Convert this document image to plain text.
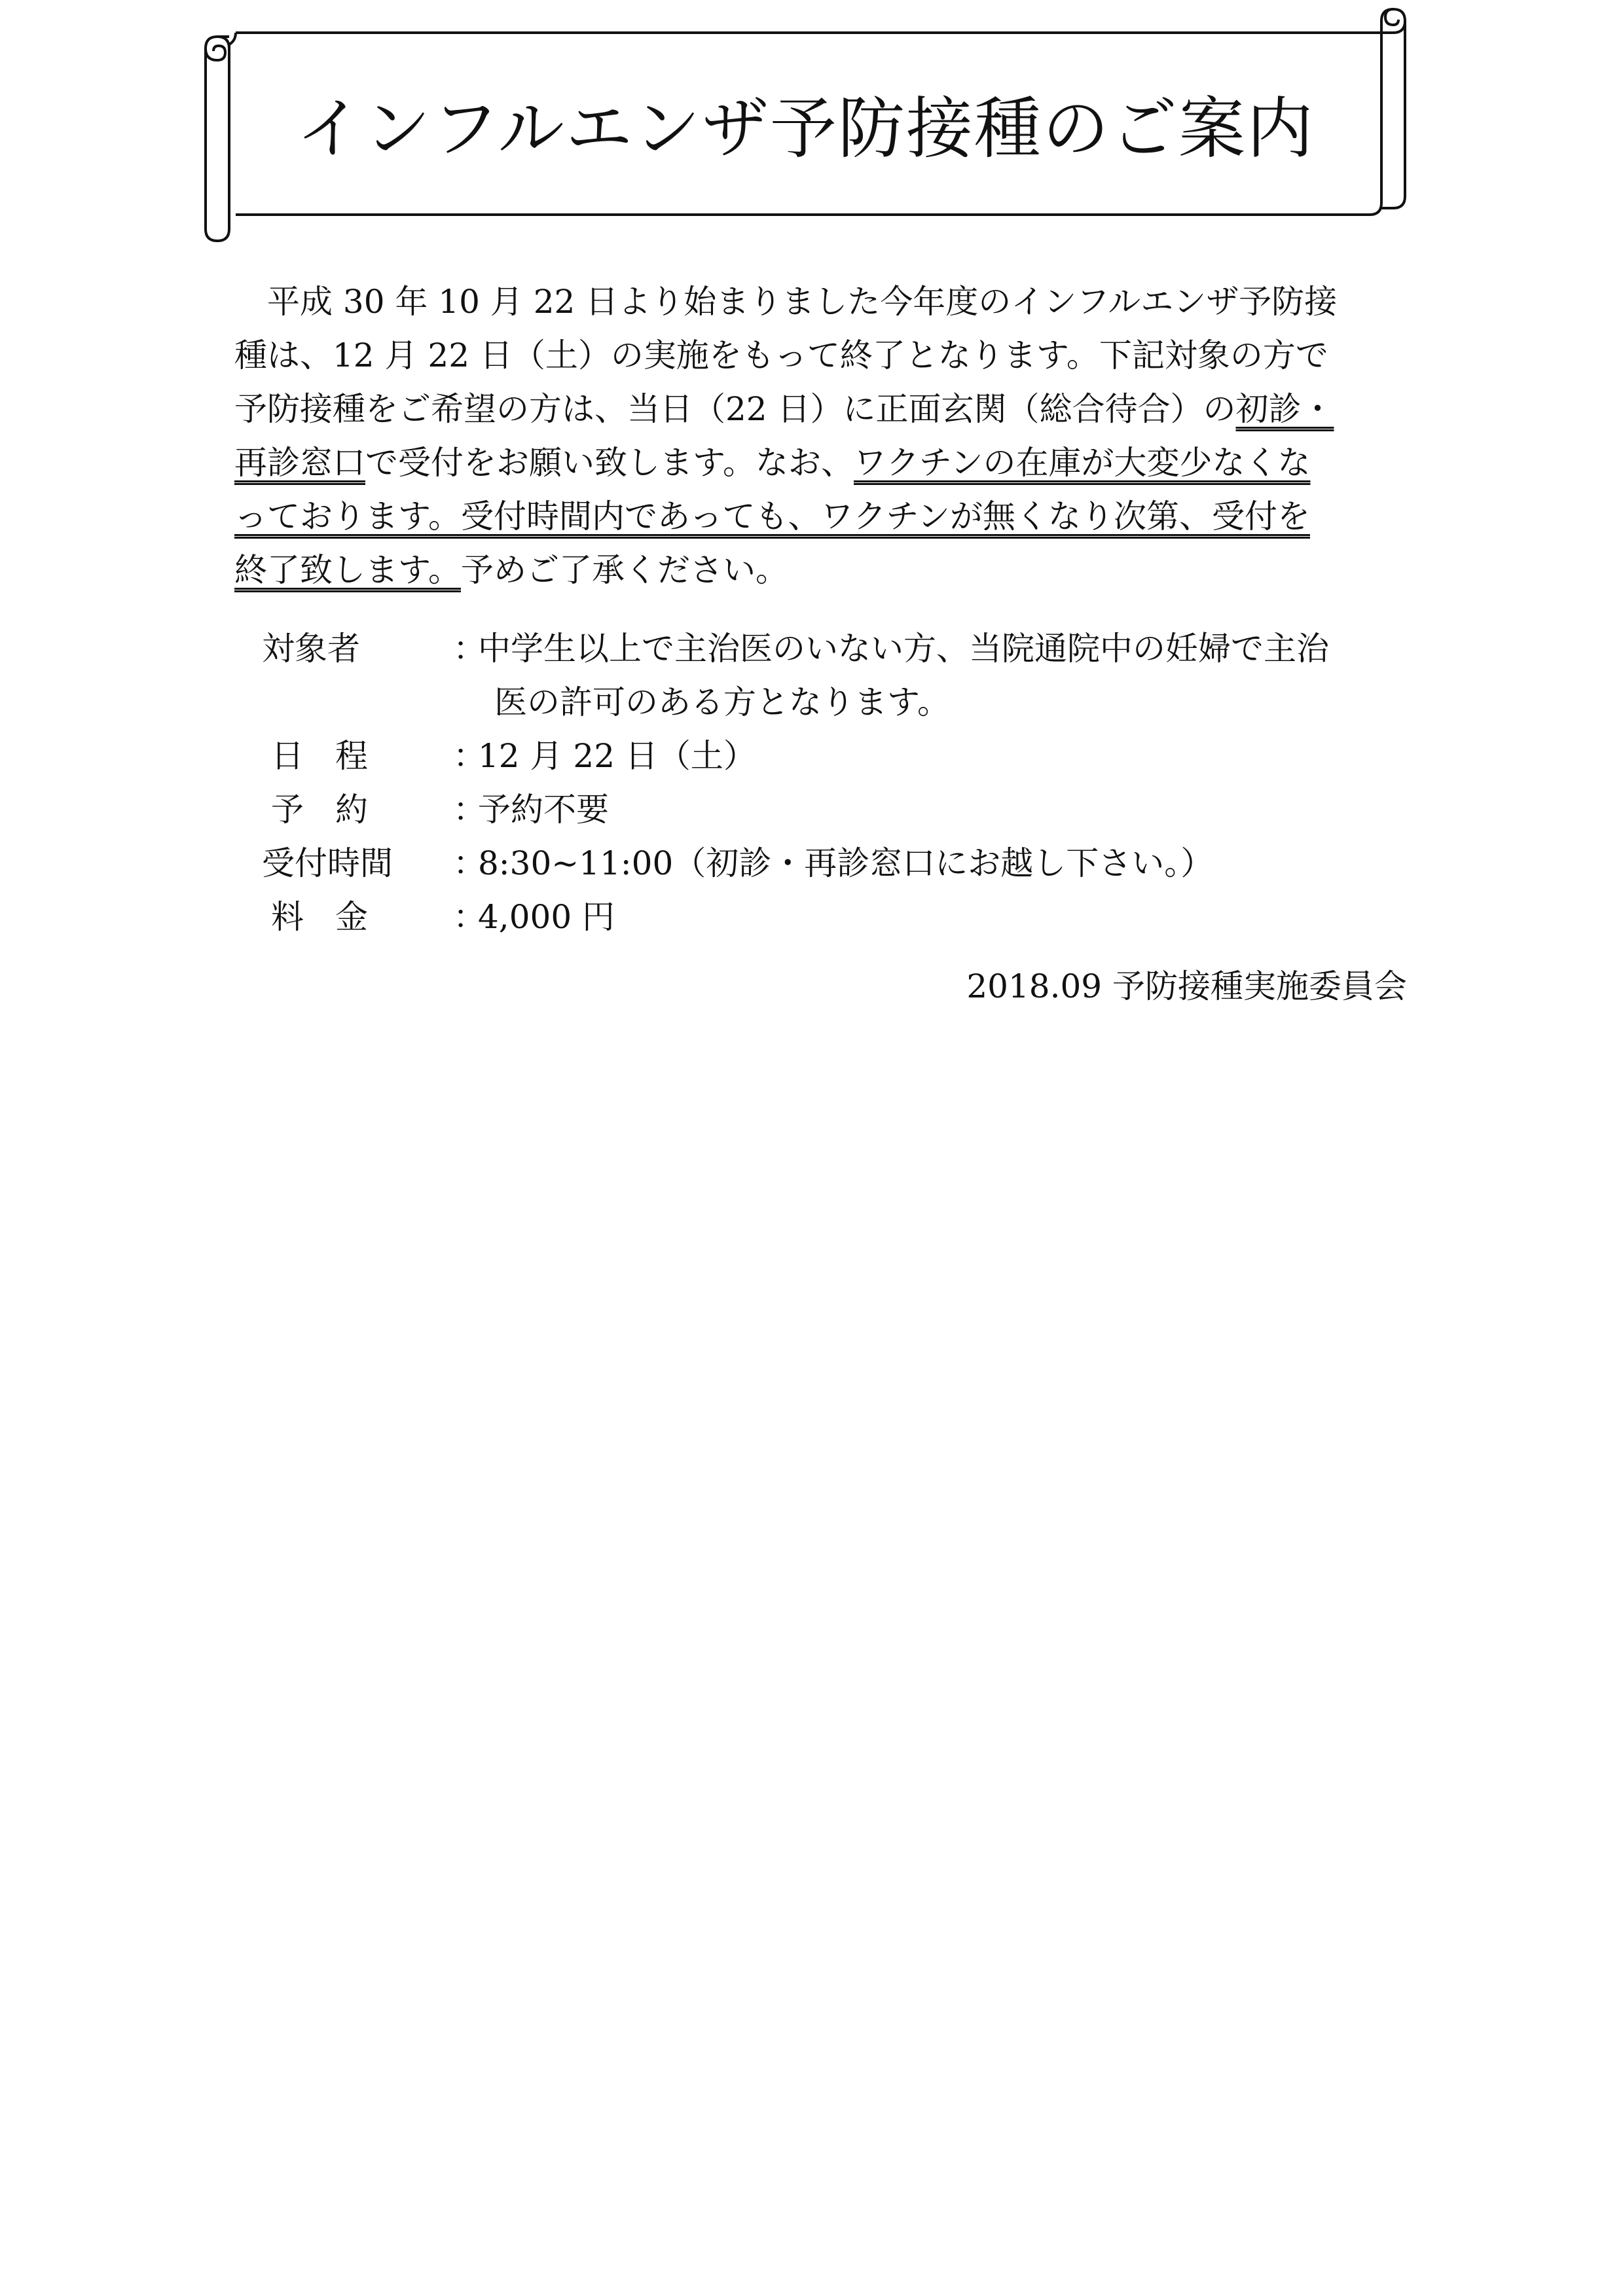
インフルエンザ予防接種のご案内
　平成 30 年 10 月 22 日より始まりました今年度のインフルエンザ予防接
種は、12 月 22 日（土）の実施をもって終了となります。下記対象の方で
予防接種をご希望の方は、当日（22 日）に正面玄関（総合待合）の初診・
再診窓口で受付をお願い致します。なお、ワクチンの在庫が大変少なくな
っております。受付時間内であっても、ワクチンが無くなり次第、受付を
終了致します。予めご了承ください。
対象者	：
中学生以上で主治医のいない方、当院通院中の妊婦で主治
医の許可のある方となります。
日程	：
12 月 22 日（土）
予約	：
予約不要
受付時間	：
8:30~11:00（初診・再診窓口にお越し下さい。）
料金	：
4,000 円
2018.09 予防接種実施委員会
